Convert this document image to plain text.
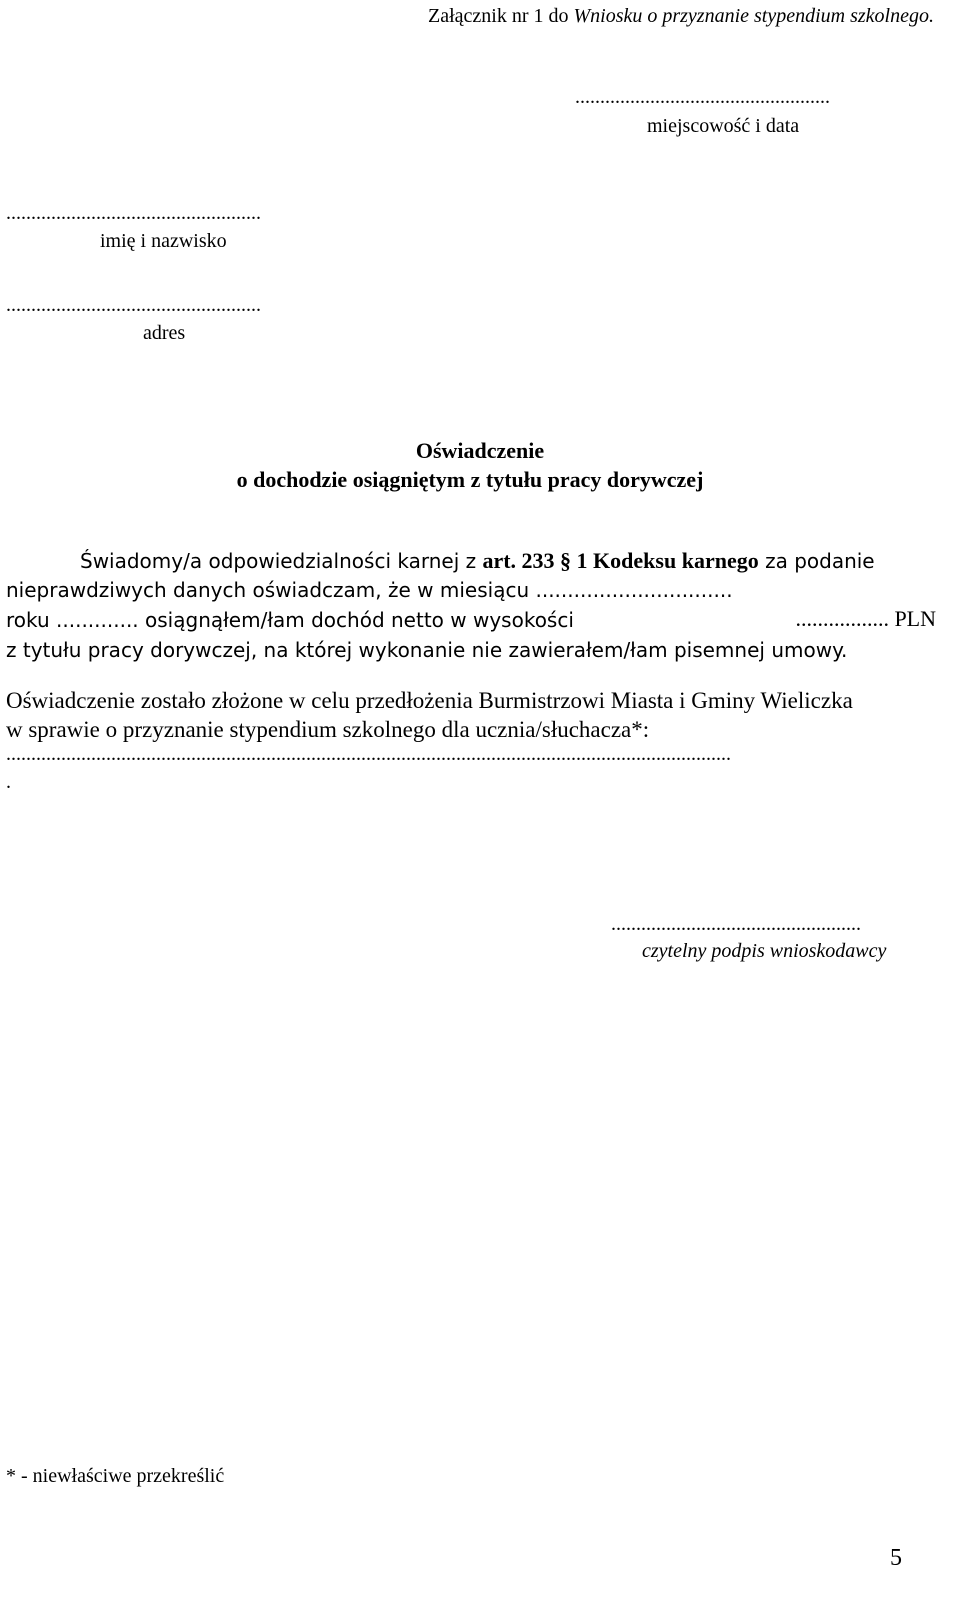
Załącznik nr 1 do Wniosku o przyznanie stypendium szkolnego.
...................................................
miejscowość i data
...................................................
imię i nazwisko
...................................................
adres
Oświadczenie
o dochodzie osiągniętym z tytułu pracy dorywczej
Świadomy/a odpowiedzialności karnej z art. 233 § 1 Kodeksu karnego za podanie
nieprawdziwych danych oświadczam, że w miesiącu ...............................
roku ............. osiągnąłem/łam dochód netto w wysokości	................. PLN
z tytułu pracy dorywczej, na której wykonanie nie zawierałem/łam pisemnej umowy.
Oświadczenie zostało złożone w celu przedłożenia Burmistrzowi Miasta i Gminy Wieliczka
w sprawie o przyznanie stypendium szkolnego dla ucznia/słuchacza*:
.................................................................................................................................................
.
..................................................
czytelny podpis wnioskodawcy
* - niewłaściwe przekreślić
5
